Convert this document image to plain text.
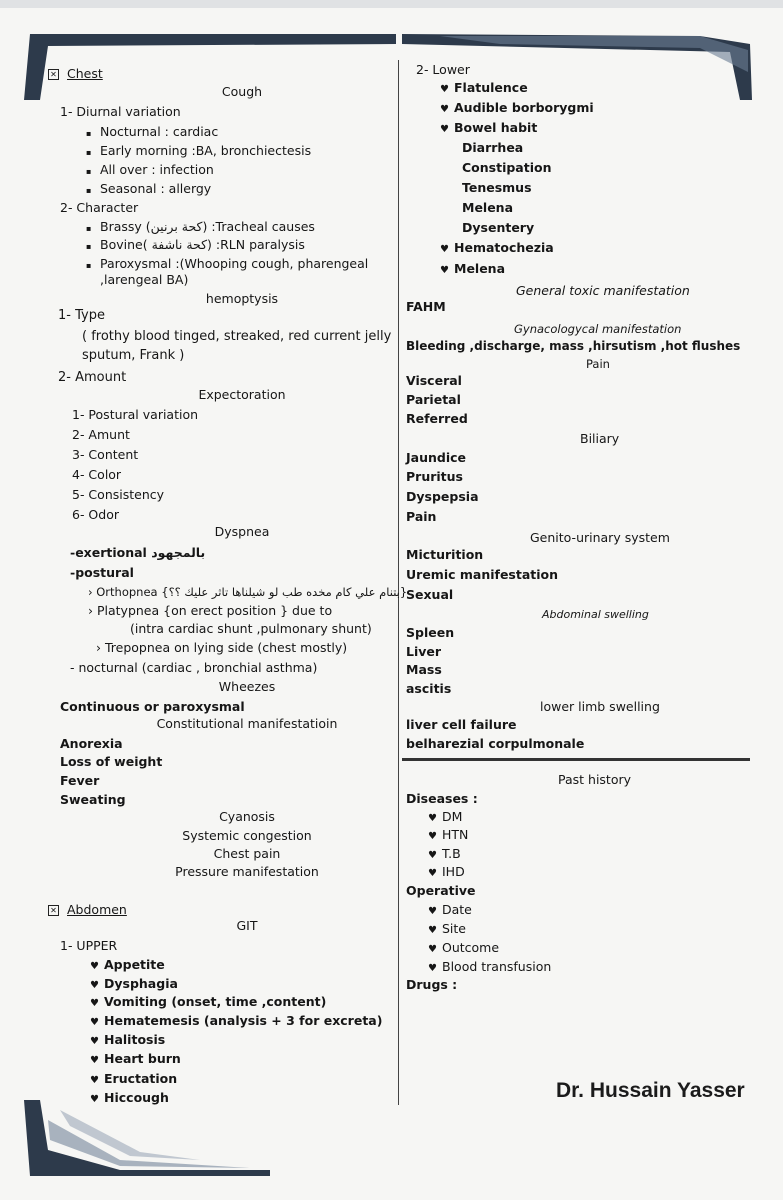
✕ Chest
Cough
1- Diurnal variation
▪ Nocturnal : cardiac
▪ Early morning :BA, bronchiectesis
▪ All over : infection
▪ Seasonal : allergy
2- Character
▪ Brassy (كحة برنين) :Tracheal causes
▪ Bovine( كحة ناشفة) :RLN paralysis
▪ Paroxysmal :(Whooping cough, pharengeal
,larengeal BA)
hemoptysis
1- Type
( frothy blood tinged, streaked, red current jelly
sputum, Frank )
2- Amount
Expectoration
1- Postural variation
2- Amunt
3- Content
4- Color
5- Consistency
6- Odor
Dyspnea
-exertional بالمجهود
-postural
› Orthopnea {بتنام علي كام مخده طب لو شيلناها تاثر عليك ؟؟}
› Platypnea {on erect position } due to
(intra cardiac shunt ,pulmonary shunt)
› Trepopnea on lying side (chest mostly)
- nocturnal (cardiac , bronchial asthma)
Wheezes
Continuous or paroxysmal
Constitutional manifestatioin
Anorexia
Loss of weight
Fever
Sweating
Cyanosis
Systemic congestion
Chest pain
Pressure manifestation
✕ Abdomen
GIT
1- UPPER
♥ Appetite
♥ Dysphagia
♥ Vomiting (onset, time ,content)
♥ Hematemesis (analysis + 3 for excreta)
♥ Halitosis
♥ Heart burn
♥ Eructation
♥ Hiccough
2- Lower
♥ Flatulence
♥ Audible borborygmi
♥ Bowel habit
Diarrhea
Constipation
Tenesmus
Melena
Dysentery
♥ Hematochezia
♥ Melena
General toxic manifestation
FAHM
Gynacologycal manifestation
Bleeding ,discharge, mass ,hirsutism ,hot flushes
Pain
Visceral
Parietal
Referred
Biliary
Jaundice
Pruritus
Dyspepsia
Pain
Genito-urinary system
Micturition
Uremic manifestation
Sexual
Abdominal swelling
Spleen
Liver
Mass
ascitis
lower limb swelling
liver cell failure
belharezial corpulmonale
Past history
Diseases :
♥ DM
♥ HTN
♥ T.B
♥ IHD
Operative
♥ Date
♥ Site
♥ Outcome
♥ Blood transfusion
Drugs :
Dr. Hussain Yasser
